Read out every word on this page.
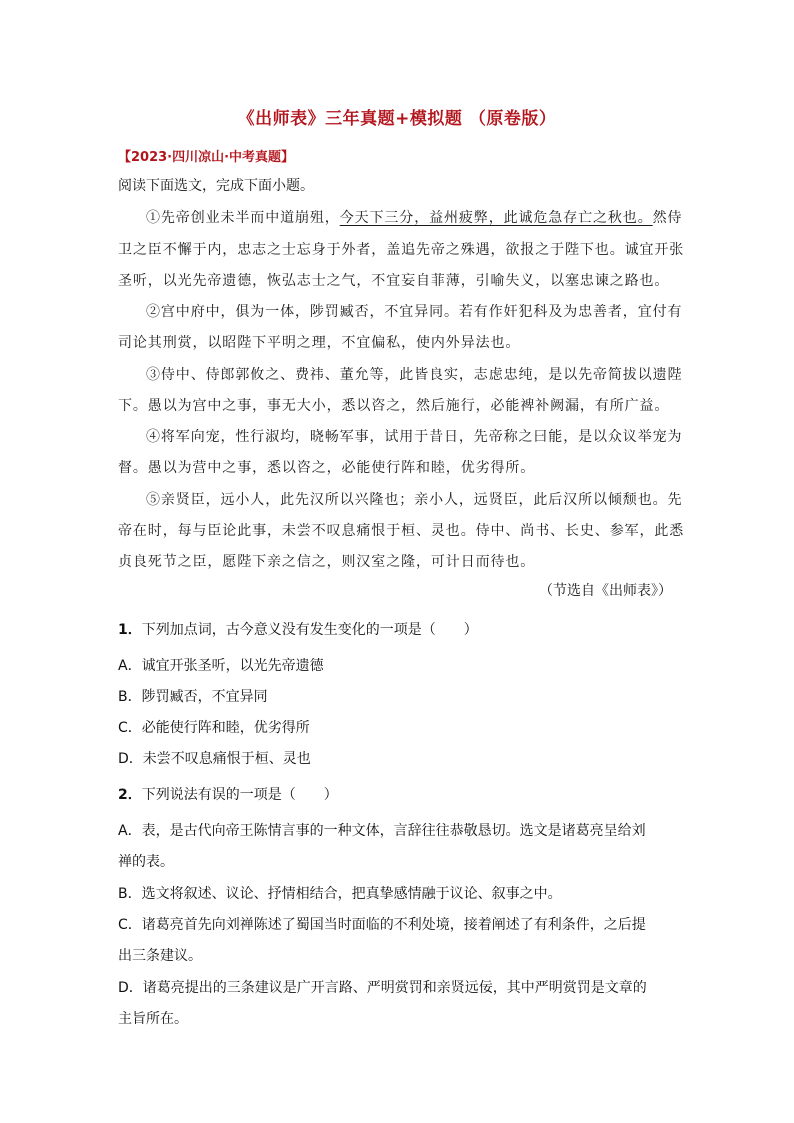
《出师表》三年真题+模拟题 （原卷版）
【2023·四川凉山·中考真题】
阅读下面选文，完成下面小题。
①先帝创业未半而中道崩殂，今天下三分，益州疲弊，此诚危急存亡之秋也。然侍
卫之臣不懈于内，忠志之士忘身于外者，盖追先帝之殊遇，欲报之于陛下也。诚宜开张
圣听，以光先帝遗德，恢弘志士之气，不宜妄自菲薄，引喻失义，以塞忠谏之路也。
②宫中府中，俱为一体，陟罚臧否，不宜异同。若有作奸犯科及为忠善者，宜付有
司论其刑赏，以昭陛下平明之理，不宜偏私，使内外异法也。
③侍中、侍郎郭攸之、费祎、董允等，此皆良实，志虑忠纯，是以先帝简拔以遗陛
下。愚以为宫中之事，事无大小，悉以咨之，然后施行，必能裨补阙漏，有所广益。
④将军向宠，性行淑均，晓畅军事，试用于昔日，先帝称之曰能，是以众议举宠为
督。愚以为营中之事，悉以咨之，必能使行阵和睦，优劣得所。
⑤亲贤臣，远小人，此先汉所以兴隆也；亲小人，远贤臣，此后汉所以倾颓也。先
帝在时，每与臣论此事，未尝不叹息痛恨于桓、灵也。侍中、尚书、长史、参军，此悉
贞良死节之臣，愿陛下亲之信之，则汉室之隆，可计日而待也。
（节选自《出师表》）
1．下列加点词，古今意义没有发生变化的一项是（　　）
A．诚宜开张圣听，以光先帝遗德
B．陟罚臧否，不宜异同
C．必能使行阵和睦，优劣得所
D．未尝不叹息痛恨于桓、灵也
2．下列说法有误的一项是（　　）
A．表，是古代向帝王陈情言事的一种文体，言辞往往恭敬恳切。选文是诸葛亮呈给刘
禅的表。
B．选文将叙述、议论、抒情相结合，把真挚感情融于议论、叙事之中。
C．诸葛亮首先向刘禅陈述了蜀国当时面临的不利处境，接着阐述了有利条件，之后提
出三条建议。
D．诸葛亮提出的三条建议是广开言路、严明赏罚和亲贤远佞，其中严明赏罚是文章的
主旨所在。
